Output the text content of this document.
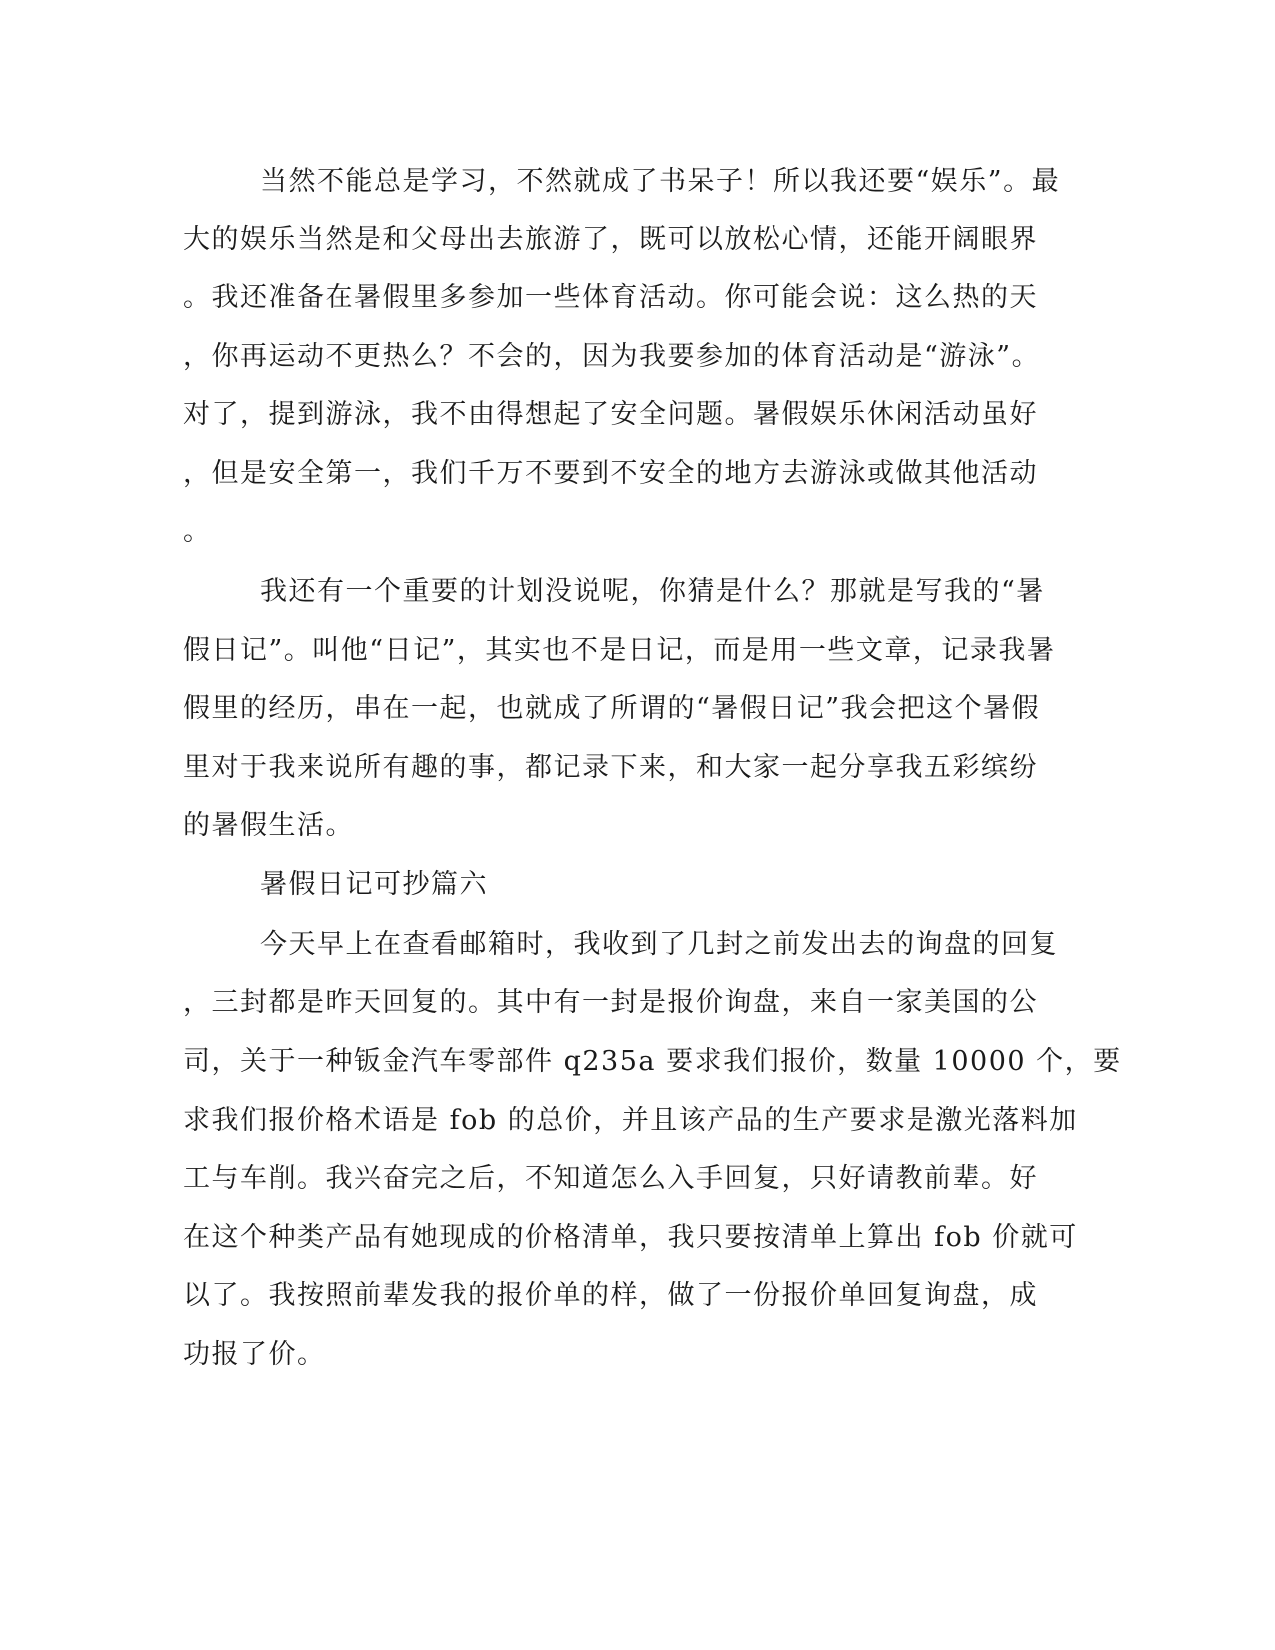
当然不能总是学习，不然就成了书呆子！所以我还要“娱乐”。最
大的娱乐当然是和父母出去旅游了，既可以放松心情，还能开阔眼界
。我还准备在暑假里多参加一些体育活动。你可能会说：这么热的天
，你再运动不更热么？不会的，因为我要参加的体育活动是“游泳”。
对了，提到游泳，我不由得想起了安全问题。暑假娱乐休闲活动虽好
，但是安全第一，我们千万不要到不安全的地方去游泳或做其他活动
。
我还有一个重要的计划没说呢，你猜是什么？那就是写我的“暑
假日记”。叫他“日记”，其实也不是日记，而是用一些文章，记录我暑
假里的经历，串在一起，也就成了所谓的“暑假日记”我会把这个暑假
里对于我来说所有趣的事，都记录下来，和大家一起分享我五彩缤纷
的暑假生活。
暑假日记可抄篇六
今天早上在查看邮箱时，我收到了几封之前发出去的询盘的回复
，三封都是昨天回复的。其中有一封是报价询盘，来自一家美国的公
司，关于一种钣金汽车零部件 q235a 要求我们报价，数量 10000 个，要
求我们报价格术语是 fob 的总价，并且该产品的生产要求是激光落料加
工与车削。我兴奋完之后，不知道怎么入手回复，只好请教前辈。好
在这个种类产品有她现成的价格清单，我只要按清单上算出 fob 价就可
以了。我按照前辈发我的报价单的样，做了一份报价单回复询盘，成
功报了价。
